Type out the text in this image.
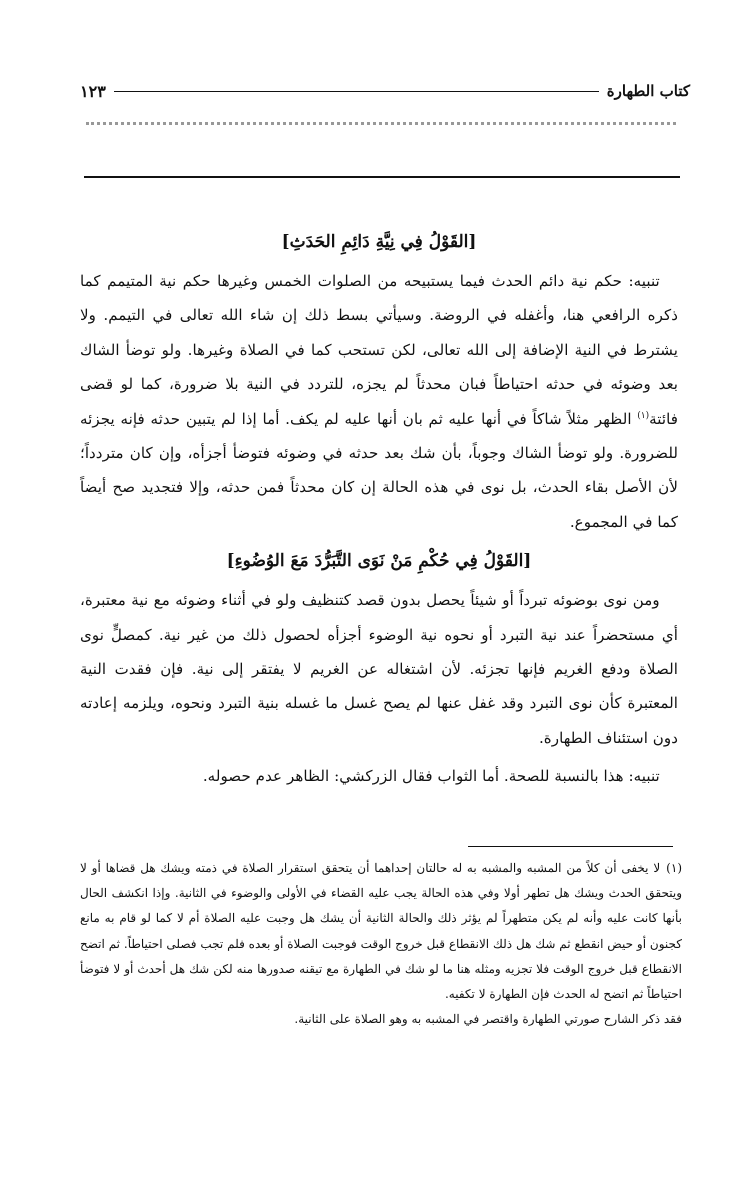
كتاب الطهارة
١٢٣
[القَوْلُ فِي نِيَّةِ دَائِمِ الحَدَثِ]

تنبيه: حكم نية دائم الحدث فيما يستبيحه من الصلوات الخمس وغيرها حكم نية المتيمم كما ذكره الرافعي هنا، وأغفله في الروضة. وسيأتي بسط ذلك إن شاء الله تعالى في التيمم. ولا يشترط في النية الإضافة إلى الله تعالى، لكن تستحب كما في الصلاة وغيرها. ولو توضأ الشاك بعد وضوئه في حدثه احتياطاً فبان محدثاً لم يجزه، للتردد في النية بلا ضرورة، كما لو قضى فائتة$^{(١)}$ الظهر مثلاً شاكاً في أنها عليه ثم بان أنها عليه لم يكف. أما إذا لم يتبين حدثه فإنه يجزئه للضرورة. ولو توضأ الشاك وجوباً، بأن شك بعد حدثه في وضوئه فتوضأ أجزأه، وإن كان متردداً؛ لأن الأصل بقاء الحدث، بل نوى في هذه الحالة إن كان محدثاً فمن حدثه، وإلا فتجديد صح أيضاً كما في المجموع.

[القَوْلُ فِي حُكْمِ مَنْ نَوَى التَّبَرُّدَ مَعَ الوُضُوءِ]

ومن نوى بوضوئه تبرداً أو شيئاً يحصل بدون قصد كتنظيف ولو في أثناء وضوئه مع نية معتبرة، أي مستحضراً عند نية التبرد أو نحوه نية الوضوء أجزأه لحصول ذلك من غير نية. كمصلٍّ نوى الصلاة ودفع الغريم فإنها تجزئه. لأن اشتغاله عن الغريم لا يفتقر إلى نية. فإن فقدت النية المعتبرة كأن نوى التبرد وقد غفل عنها لم يصح غسل ما غسله بنية التبرد ونحوه، ويلزمه إعادته دون استئناف الطهارة.

تنبيه: هذا بالنسبة للصحة. أما الثواب فقال الزركشي: الظاهر عدم حصوله.

(١)لا يخفى أن كلاً من المشبه والمشبه به له حالتان إحداهما أن يتحقق استقرار الصلاة في ذمته ويشك هل قضاها أو لا ويتحقق الحدث ويشك هل تطهر أولا وفي هذه الحالة يجب عليه القضاء في الأولى والوضوء في الثانية. وإذا انكشف الحال بأنها كانت عليه وأنه لم يكن متطهراً لم يؤثر ذلك والحالة الثانية أن يشك هل وجبت عليه الصلاة أم لا كما لو قام به مانع كجنون أو حيض انقطع ثم شك هل ذلك الانقطاع قبل خروج الوقت فوجبت الصلاة أو بعده فلم تجب فصلى احتياطاً. ثم اتضح الانقطاع قبل خروج الوقت فلا تجزيه ومثله هنا ما لو شك في الطهارة مع تيقنه صدورها منه لكن شك هل أحدث أو لا فتوضأ احتياطاً ثم اتضح له الحدث فإن الطهارة لا تكفيه.

فقد ذكر الشارح صورتي الطهارة واقتصر في المشبه به وهو الصلاة على الثانية.
